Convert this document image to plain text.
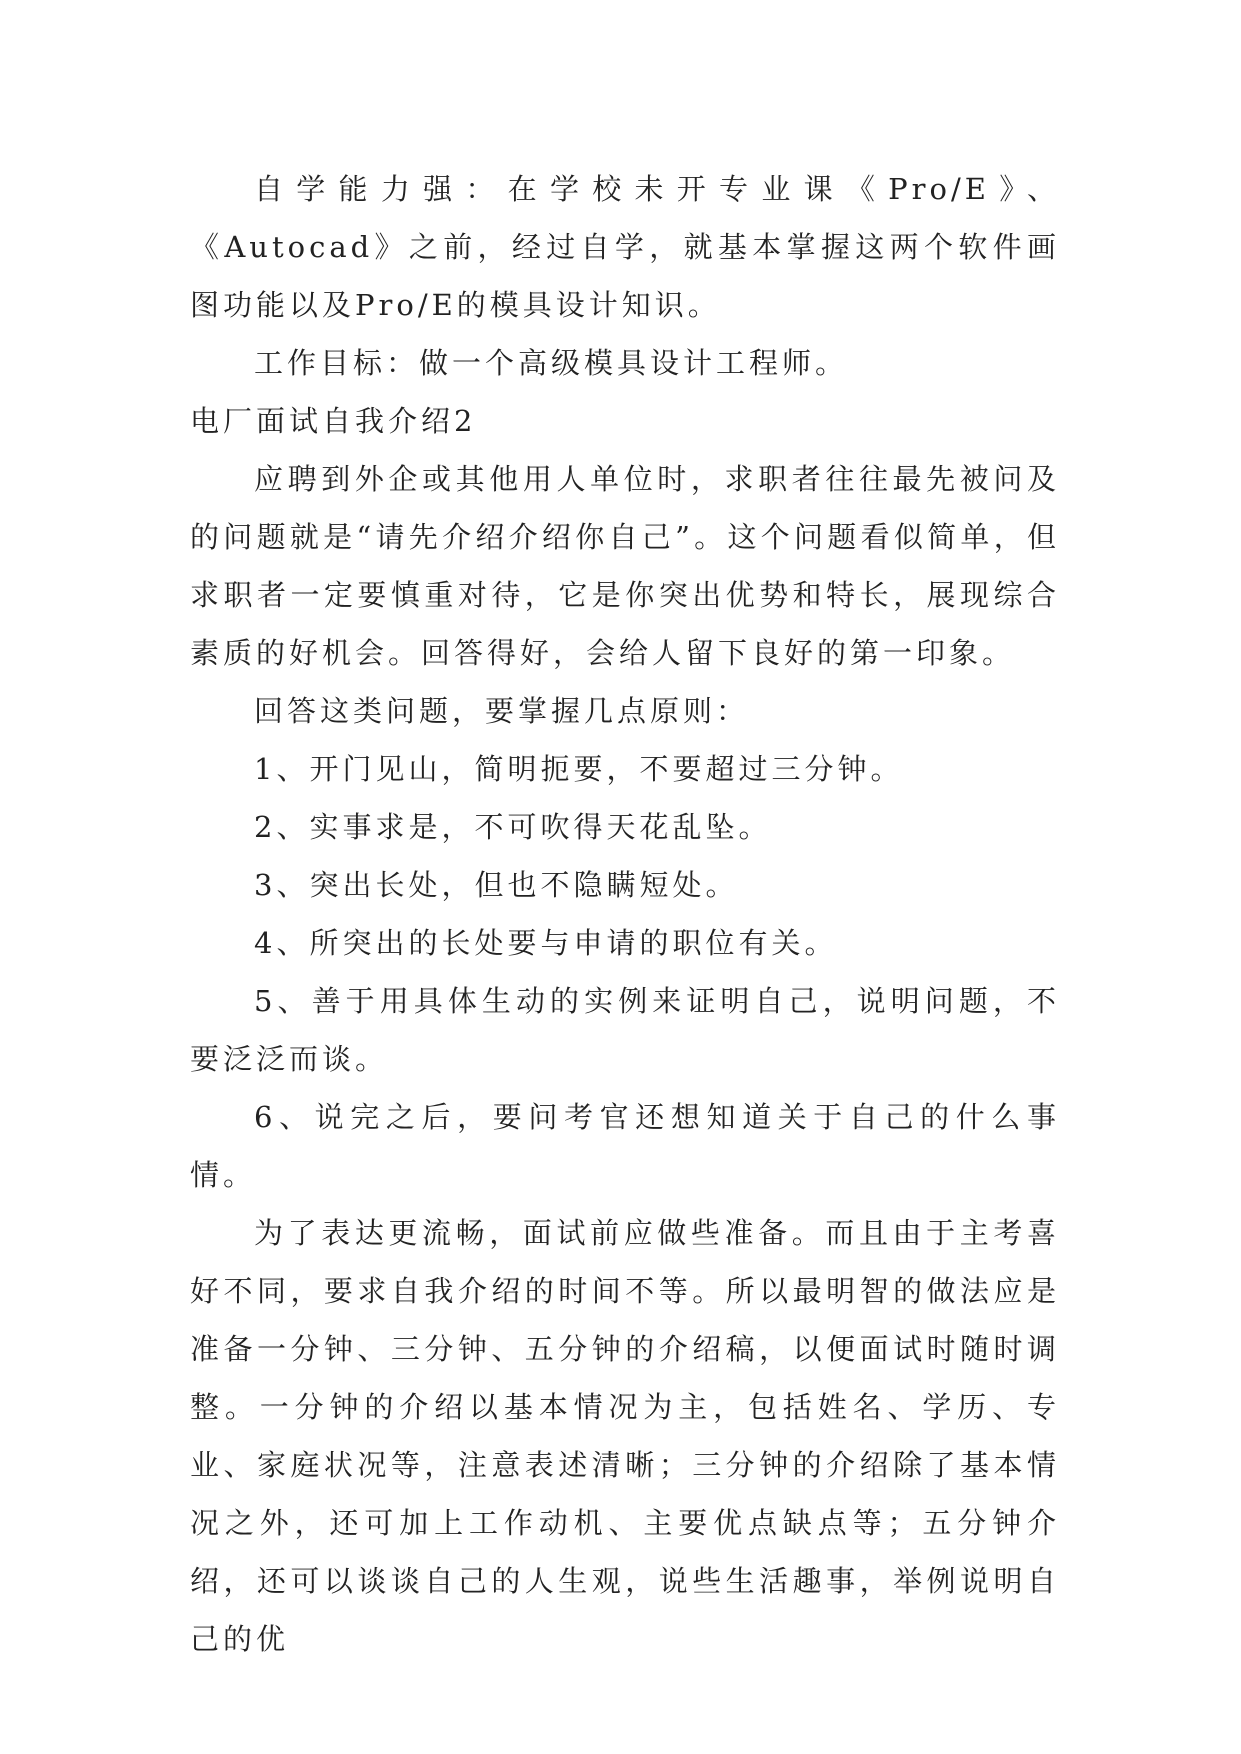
自学能力强：在学校未开专业课《Pro/E》、《Autocad》之前，经过自学，就基本掌握这两个软件画图功能以及Pro/E的模具设计知识。

工作目标：做一个高级模具设计工程师。

电厂面试自我介绍2

应聘到外企或其他用人单位时，求职者往往最先被问及的问题就是“请先介绍介绍你自己”。这个问题看似简单，但求职者一定要慎重对待，它是你突出优势和特长，展现综合素质的好机会。回答得好，会给人留下良好的第一印象。

回答这类问题，要掌握几点原则：

1、开门见山，简明扼要，不要超过三分钟。

2、实事求是，不可吹得天花乱坠。

3、突出长处，但也不隐瞒短处。

4、所突出的长处要与申请的职位有关。

5、善于用具体生动的实例来证明自己，说明问题，不要泛泛而谈。

6、说完之后，要问考官还想知道关于自己的什么事情。

为了表达更流畅，面试前应做些准备。而且由于主考喜好不同，要求自我介绍的时间不等。所以最明智的做法应是准备一分钟、三分钟、五分钟的介绍稿，以便面试时随时调整。一分钟的介绍以基本情况为主，包括姓名、学历、专业、家庭状况等，注意表述清晰；三分钟的介绍除了基本情况之外，还可加上工作动机、主要优点缺点等；五分钟介绍，还可以谈谈自己的人生观，说些生活趣事，举例说明自己的优
